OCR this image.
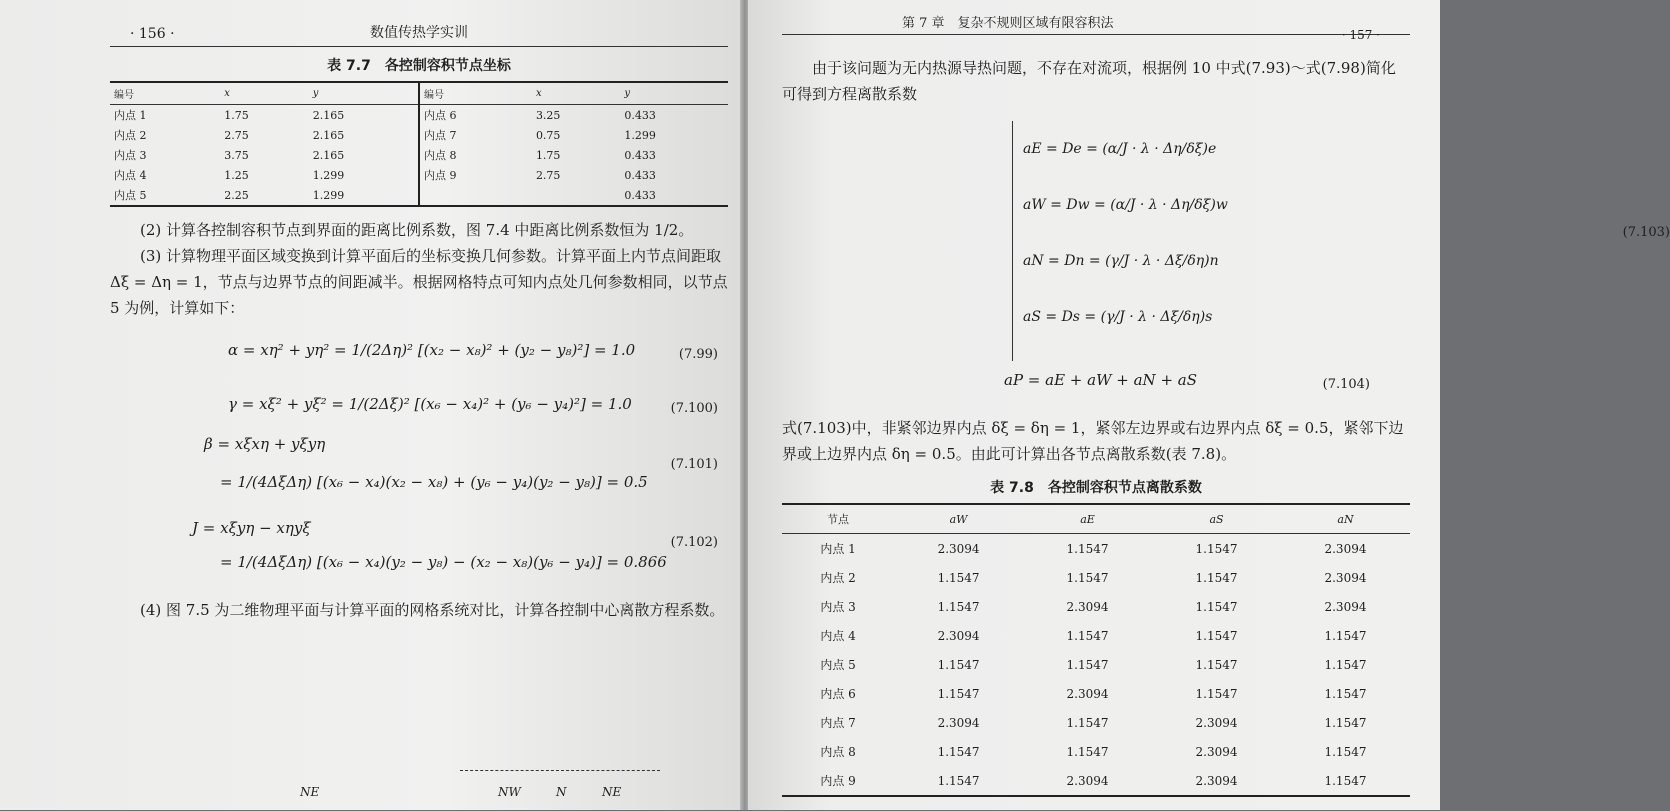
· 156 ·	数值传热学实训
表 7.7　各控制容积节点坐标
编号	x	y	编号	x	y
内点 1	1.75	2.165	内点 6	3.25	0.433
内点 2	2.75	2.165	内点 7	0.75	1.299
内点 3	3.75	2.165	内点 8	1.75	0.433
内点 4	1.25	1.299	内点 9	2.75	0.433
内点 5	2.25	1.299			0.433

(2) 计算各控制容积节点到界面的距离比例系数，图 7.4 中距离比例系数恒为 1/2。

(3) 计算物理平面区域变换到计算平面后的坐标变换几何参数。计算平面上内节点间距取 Δξ = Δη = 1，节点与边界节点的间距减半。根据网格特点可知内点处几何参数相同，以节点 5 为例，计算如下：

α = xη² + yη² = 1/(2Δη)² [(x₂ − x₈)² + (y₂ − y₈)²] = 1.0	(7.99)
γ = xξ² + yξ² = 1/(2Δξ)² [(x₆ − x₄)² + (y₆ − y₄)²] = 1.0	(7.100)
β = xξxη + yξyη
(7.101)
= 1/(4ΔξΔη) [(x₆ − x₄)(x₂ − x₈) + (y₆ − y₄)(y₂ − y₈)] = 0.5
J = xξyη − xηyξ
(7.102)
= 1/(4ΔξΔη) [(x₆ − x₄)(y₂ − y₈) − (x₂ − x₈)(y₆ − y₄)] = 0.866

(4) 图 7.5 为二维物理平面与计算平面的网格系统对比，计算各控制中心离散方程系数。

NE	NW	N	NE
第 7 章　复杂不规则区域有限容积法
· 157 ·

由于该问题为无内热源导热问题，不存在对流项，根据例 10 中式(7.93)～式(7.98)简化可得到方程离散系数

aE = De = (α/J · λ · Δη/δξ)e
aW = Dw = (α/J · λ · Δη/δξ)w
aN = Dn = (γ/J · λ · Δξ/δη)n
aS = Ds = (γ/J · λ · Δξ/δη)s
(7.103)
aP = aE + aW + aN + aS	(7.104)

式(7.103)中，非紧邻边界内点 δξ = δη = 1，紧邻左边界或右边界内点 δξ = 0.5，紧邻下边界或上边界内点 δη = 0.5。由此可计算出各节点离散系数(表 7.8)。

表 7.8　各控制容积节点离散系数
节点	aW	aE	aS	aN
内点 1	2.3094	1.1547	1.1547	2.3094
内点 2	1.1547	1.1547	1.1547	2.3094
内点 3	1.1547	2.3094	1.1547	2.3094
内点 4	2.3094	1.1547	1.1547	1.1547
内点 5	1.1547	1.1547	1.1547	1.1547
内点 6	1.1547	2.3094	1.1547	1.1547
内点 7	2.3094	1.1547	2.3094	1.1547
内点 8	1.1547	1.1547	2.3094	1.1547
内点 9	1.1547	2.3094	2.3094	1.1547
